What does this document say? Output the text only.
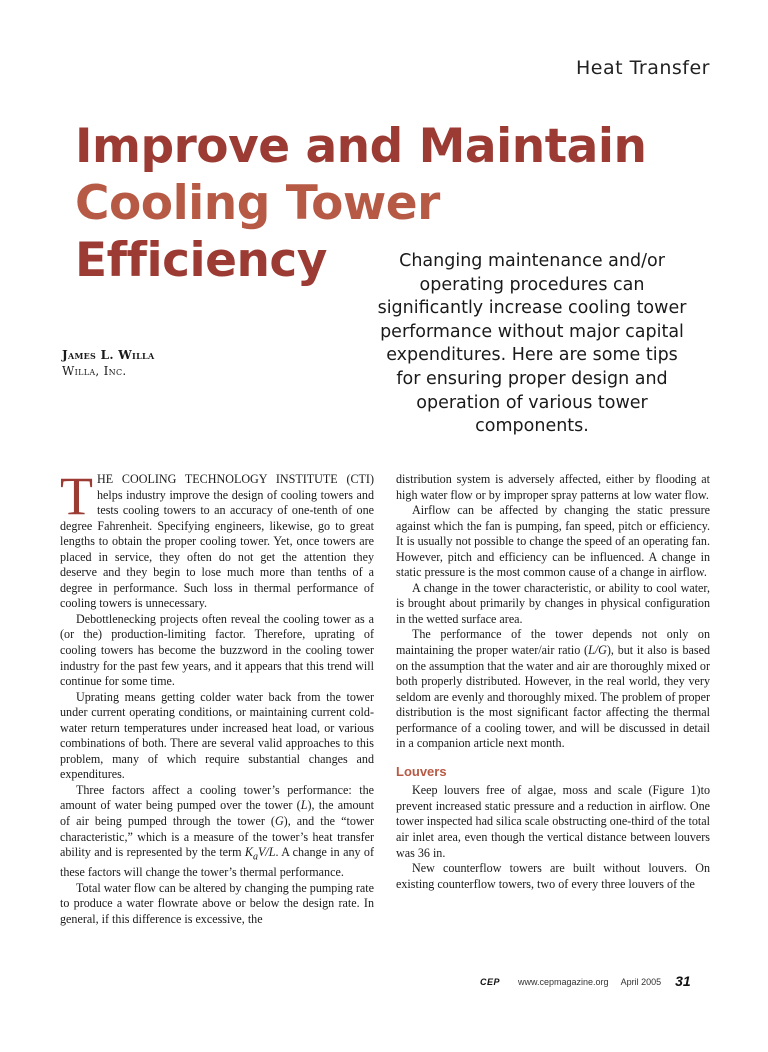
Heat Transfer
Improve and Maintain
Cooling Tower
Efficiency	Changing maintenance and/or operating procedures can significantly increase cooling tower performance without major capital expenditures. Here are some tips for ensuring proper design and operation of various tower components.
James L. Willa
Willa, Inc.

THE COOLING TECHNOLOGY INSTITUTE (CTI) helps industry improve the design of cooling towers and tests cooling towers to an accuracy of one-tenth of one degree Fahrenheit. Specifying engineers, likewise, go to great lengths to obtain the proper cooling tower. Yet, once towers are placed in service, they often do not get the attention they deserve and they begin to lose much more than tenths of a degree in performance. Such loss in thermal performance of cooling towers is unnecessary.

Debottlenecking projects often reveal the cooling tower as a (or the) production-limiting factor. Therefore, uprating of cooling towers has become the buzzword in the cooling tower industry for the past few years, and it appears that this trend will continue for some time.

Uprating means getting colder water back from the tower under current operating conditions, or maintaining current cold-water return temperatures under increased heat load, or various combinations of both. There are several valid approaches to this problem, many of which require substantial changes and expenditures.

Three factors affect a cooling tower’s performance: the amount of water being pumped over the tower (L), the amount of air being pumped through the tower (G), and the “tower characteristic,” which is a measure of the tower’s heat transfer ability and is represented by the term $K_aV/L$. A change in any of these factors will change the tower’s thermal performance.

Total water flow can be altered by changing the pumping rate to produce a water flowrate above or below the design rate. In general, if this difference is excessive, the

distribution system is adversely affected, either by flooding at high water flow or by improper spray patterns at low water flow.

Airflow can be affected by changing the static pressure against which the fan is pumping, fan speed, pitch or efficiency. It is usually not possible to change the speed of an operating fan. However, pitch and efficiency can be influenced. A change in static pressure is the most common cause of a change in airflow.

A change in the tower characteristic, or ability to cool water, is brought about primarily by changes in physical configuration in the wetted surface area.

The performance of the tower depends not only on maintaining the proper water/air ratio (L/G), but it also is based on the assumption that the water and air are thoroughly mixed or both properly distributed. However, in the real world, they very seldom are evenly and thoroughly mixed. The problem of proper distribution is the most significant factor affecting the thermal performance of a cooling tower, and will be discussed in detail in a companion article next month.

Louvers

Keep louvers free of algae, moss and scale (Figure 1)to prevent increased static pressure and a reduction in airflow. One tower inspected had silica scale obstructing one-third of the total air inlet area, even though the vertical distance between louvers was 36 in.

New counterflow towers are built without louvers. On existing counterflow towers, two of every three louvers of the

CEP www.cepmagazine.org April 2005 31
